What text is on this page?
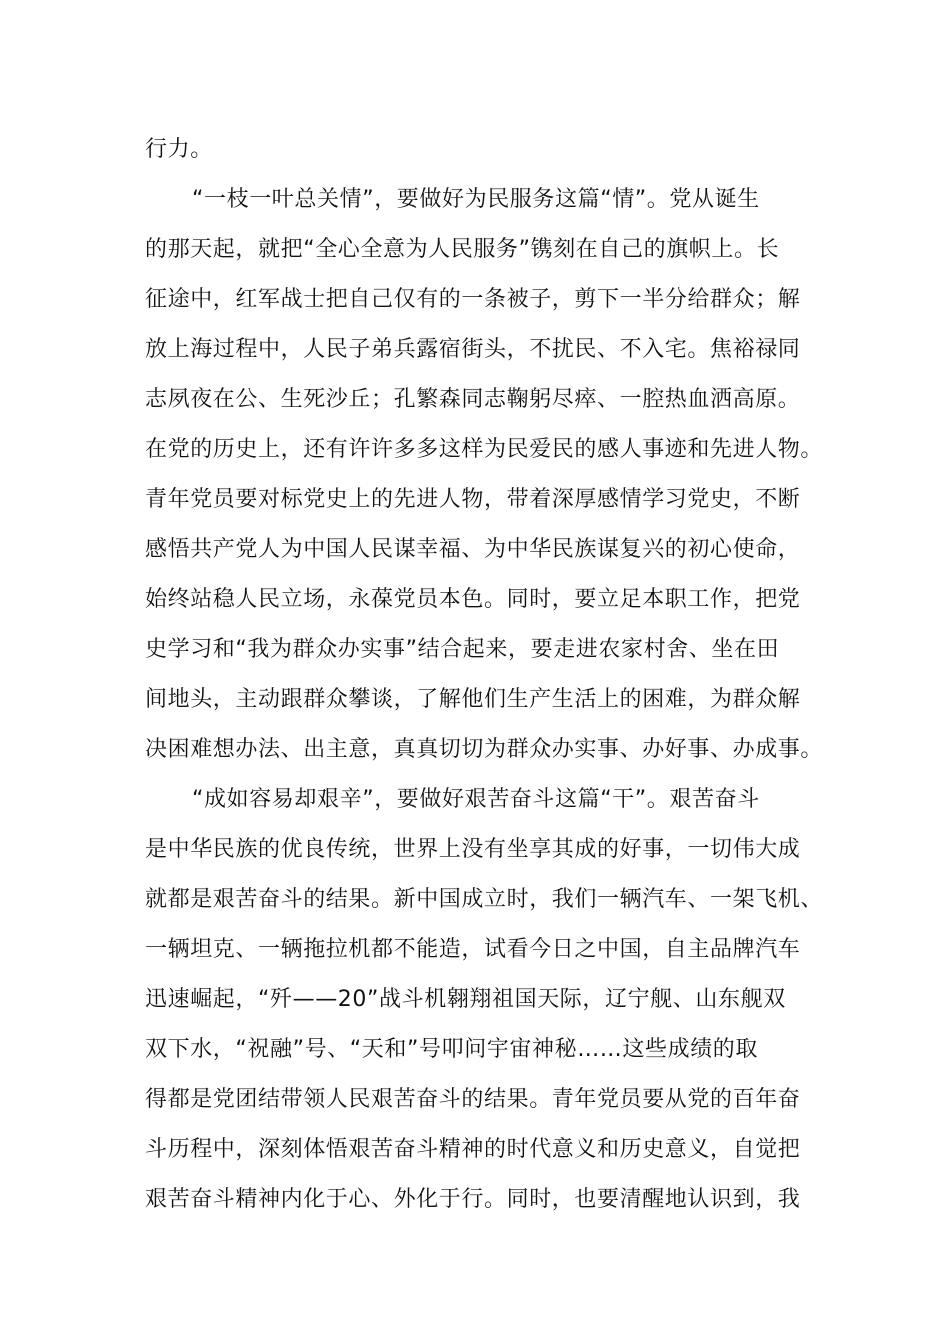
行力。
“一枝一叶总关情”，要做好为民服务这篇“情”。党从诞生
的那天起，就把“全心全意为人民服务”镌刻在自己的旗帜上。长
征途中，红军战士把自己仅有的一条被子，剪下一半分给群众；解
放上海过程中，人民子弟兵露宿街头，不扰民、不入宅。焦裕禄同
志夙夜在公、生死沙丘；孔繁森同志鞠躬尽瘁、一腔热血洒高原。
在党的历史上，还有许许多多这样为民爱民的感人事迹和先进人物。
青年党员要对标党史上的先进人物，带着深厚感情学习党史，不断
感悟共产党人为中国人民谋幸福、为中华民族谋复兴的初心使命，
始终站稳人民立场，永葆党员本色。同时，要立足本职工作，把党
史学习和“我为群众办实事”结合起来，要走进农家村舍、坐在田
间地头，主动跟群众攀谈，了解他们生产生活上的困难，为群众解
决困难想办法、出主意，真真切切为群众办实事、办好事、办成事。
“成如容易却艰辛”，要做好艰苦奋斗这篇“干”。艰苦奋斗
是中华民族的优良传统，世界上没有坐享其成的好事，一切伟大成
就都是艰苦奋斗的结果。新中国成立时，我们一辆汽车、一架飞机、
一辆坦克、一辆拖拉机都不能造，试看今日之中国，自主品牌汽车
迅速崛起，“歼——20”战斗机翱翔祖国天际，辽宁舰、山东舰双
双下水，“祝融”号、“天和”号叩问宇宙神秘……这些成绩的取
得都是党团结带领人民艰苦奋斗的结果。青年党员要从党的百年奋
斗历程中，深刻体悟艰苦奋斗精神的时代意义和历史意义，自觉把
艰苦奋斗精神内化于心、外化于行。同时，也要清醒地认识到，我
